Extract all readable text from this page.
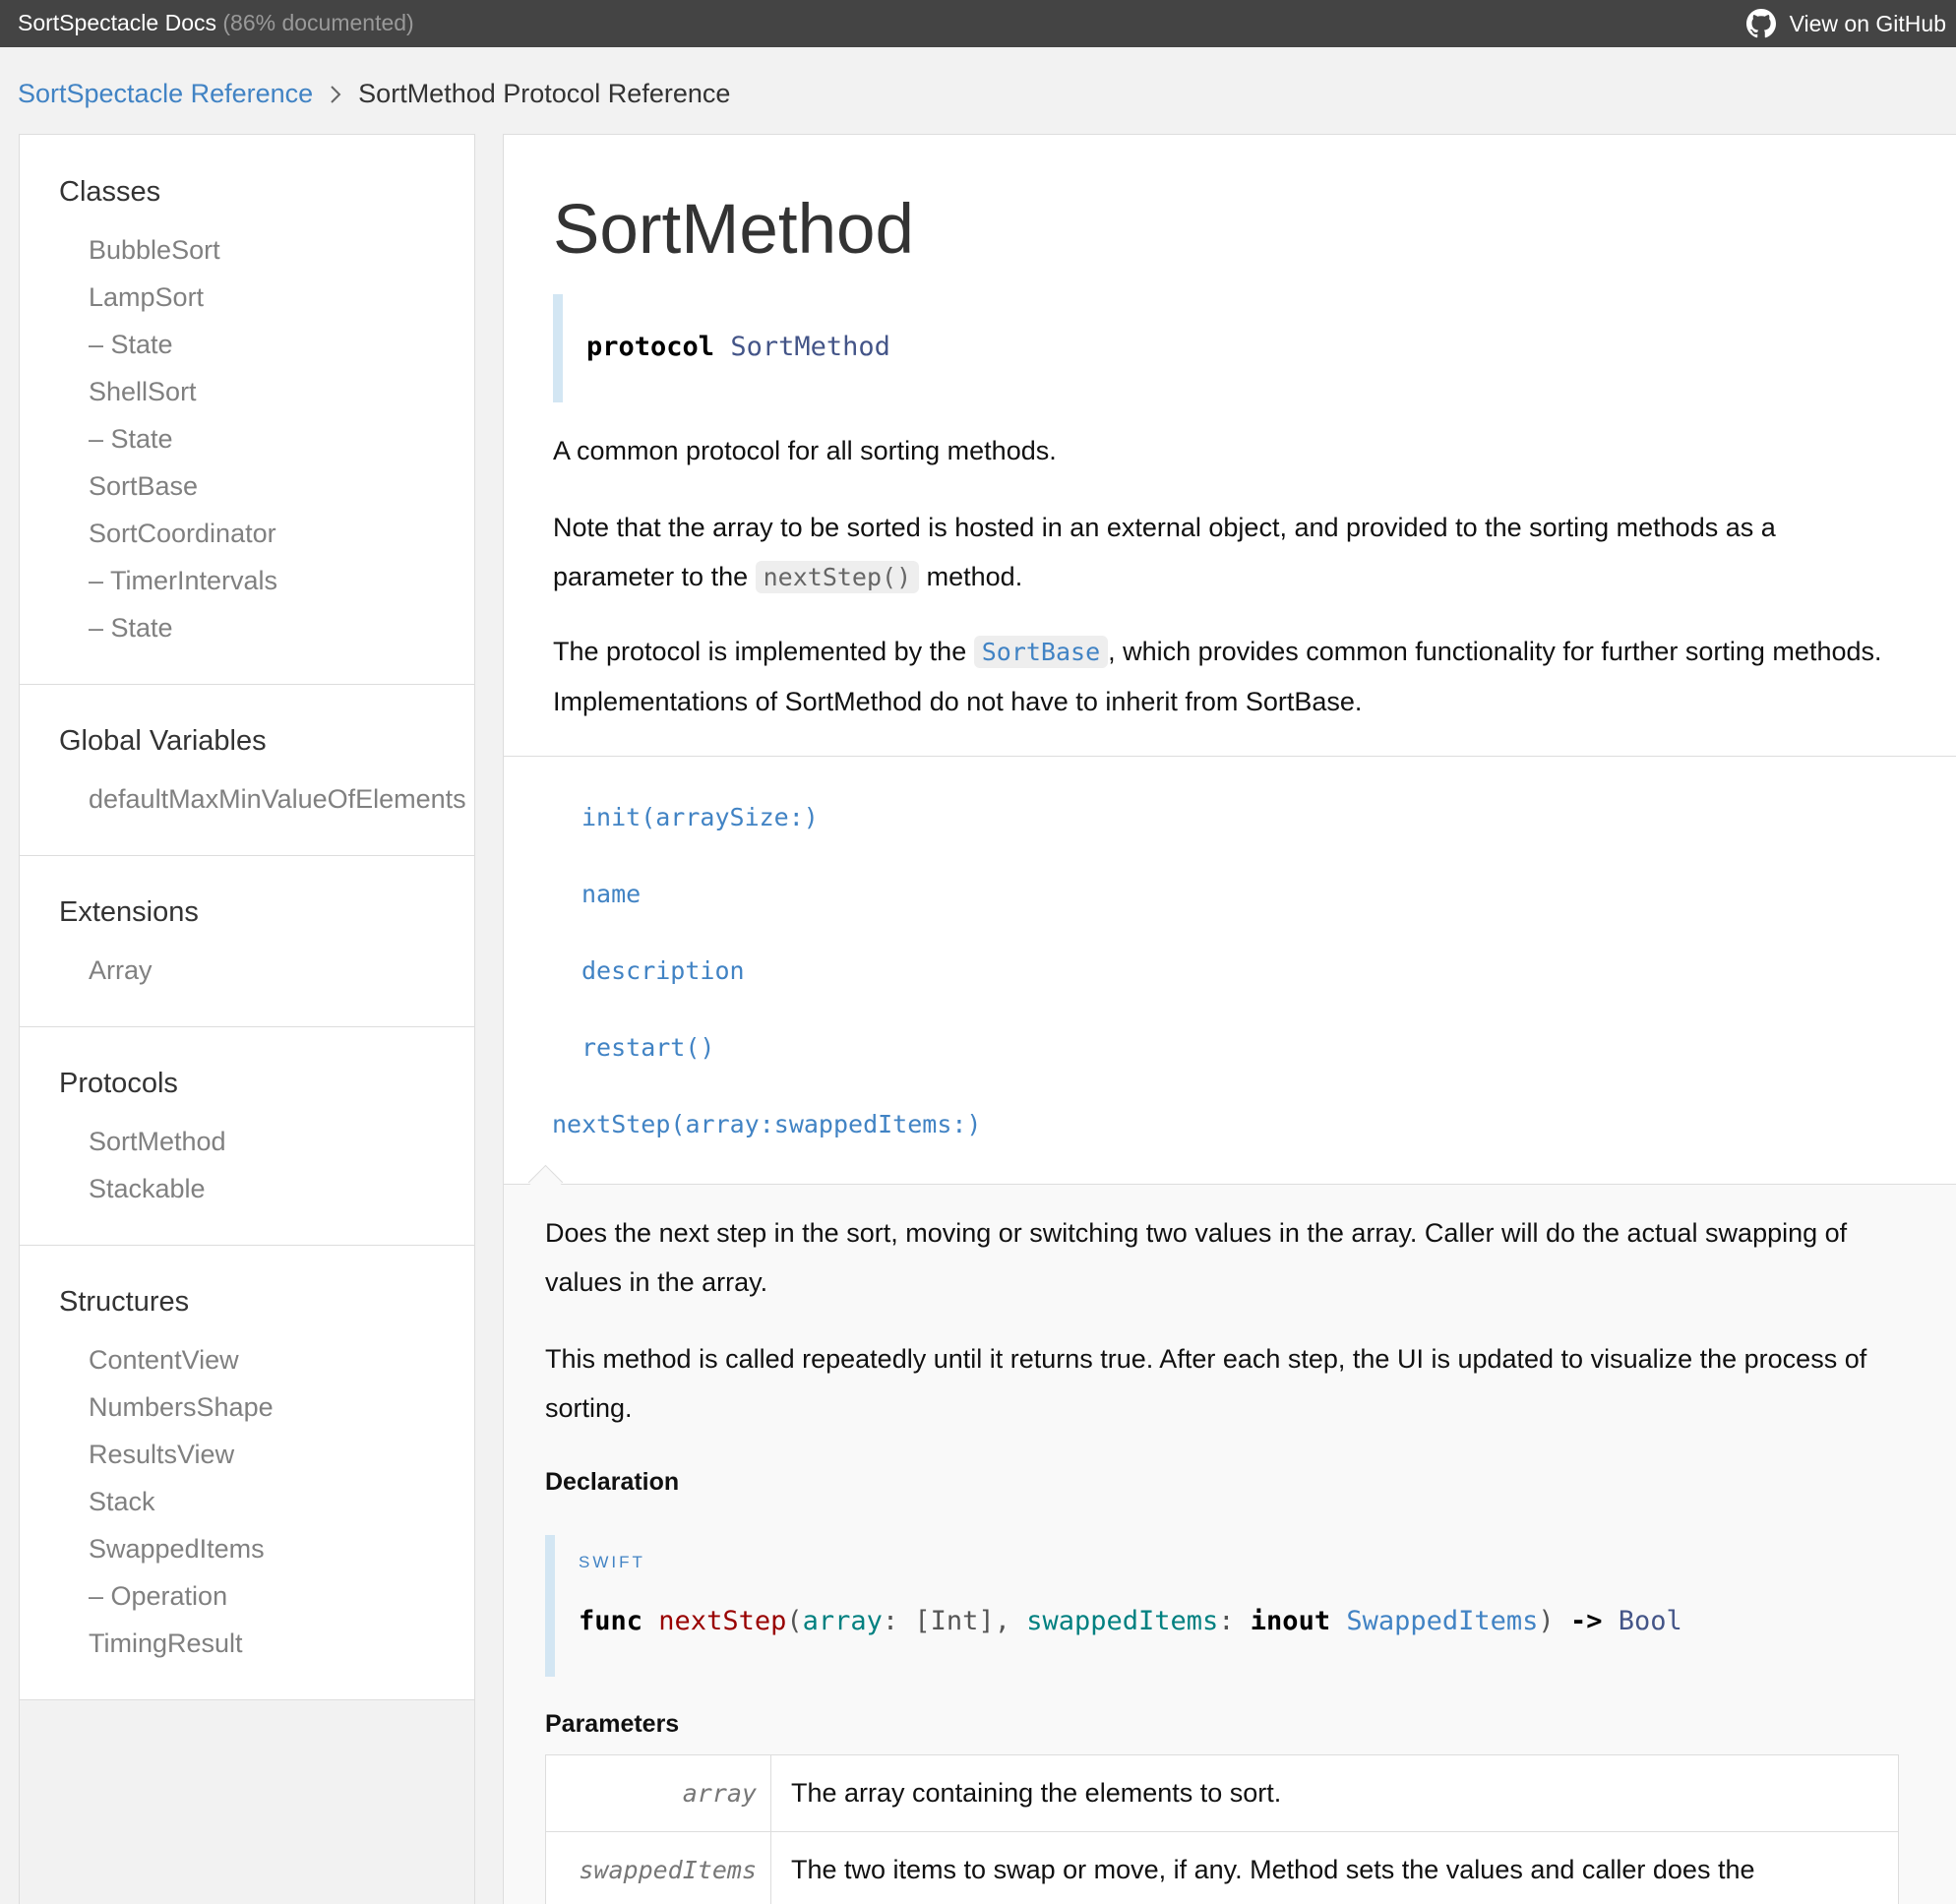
SortSpectacle Docs (86% documented)	View on GitHub
SortSpectacle Reference SortMethod Protocol Reference
Classes
BubbleSort
LampSort
– State
ShellSort
– State
SortBase
SortCoordinator
– TimerIntervals
– State
Global Variables
defaultMaxMinValueOfElements
Extensions
Array
Protocols
SortMethod
Stackable
Structures
ContentView
NumbersShape
ResultsView
Stack
SwappedItems
– Operation
TimingResult
SortMethod
protocol SortMethod

A common protocol for all sorting methods.

Note that the array to be sorted is hosted in an external object, and provided to the sorting methods as a parameter to the nextStep() method.

The protocol is implemented by the SortBase , which provides common functionality for further sorting methods. Implementations of SortMethod do not have to inherit from SortBase.

init(arraySize:)
name
description
restart()
nextStep(array:swappedItems:)

Does the next step in the sort, moving or switching two values in the array. Caller will do the actual swapping of values in the array.

This method is called repeatedly until it returns true. After each step, the UI is updated to visualize the process of sorting.

Declaration
SWIFT
func nextStep(array: [Int], swappedItems: inout SwappedItems) -> Bool
Parameters
array	The array containing the elements to sort.
swappedItems	The two items to swap or move, if any. Method sets the values and caller does the
